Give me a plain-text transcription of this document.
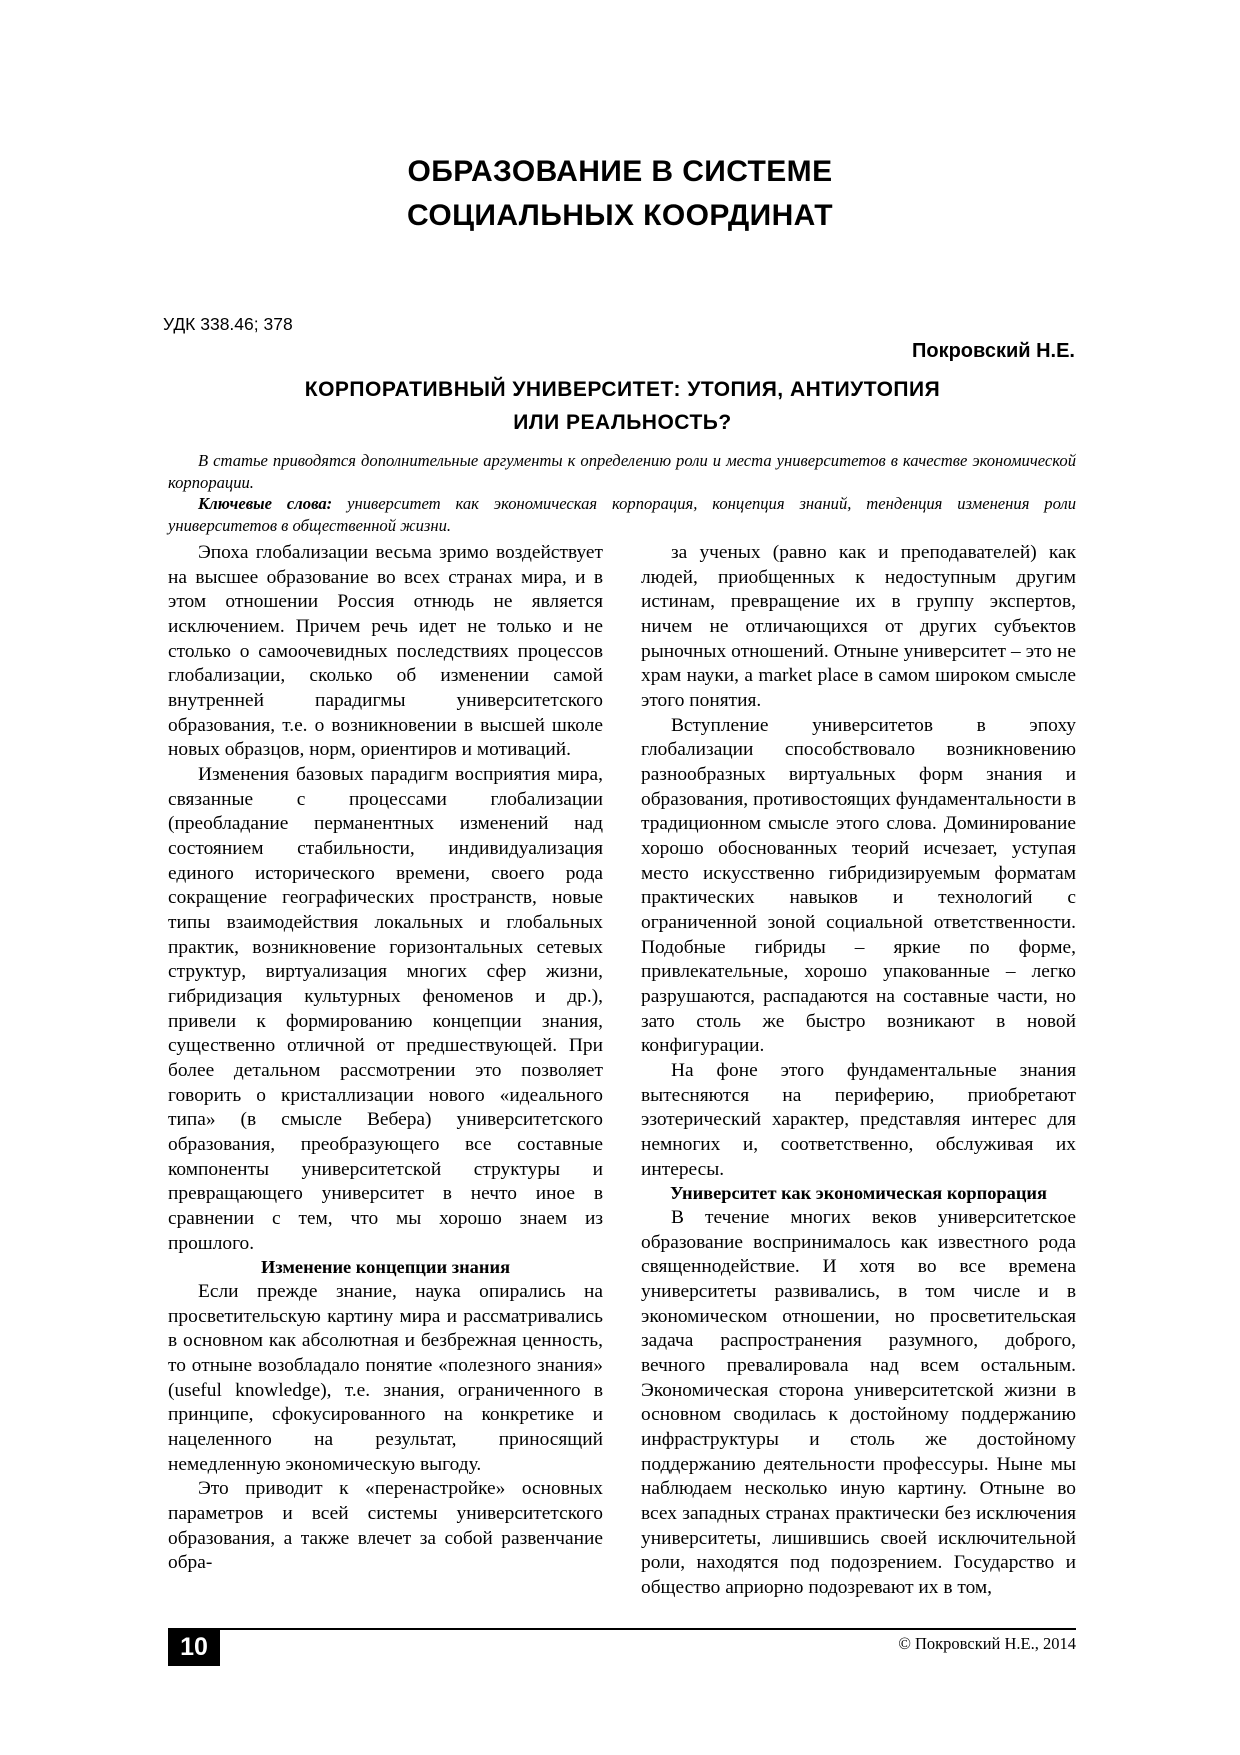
ОБРАЗОВАНИЕ В СИСТЕМЕ
СОЦИАЛЬНЫХ КООРДИНАТ
УДК 338.46; 378
Покровский Н.Е.
КОРПОРАТИВНЫЙ УНИВЕРСИТЕТ: УТОПИЯ, АНТИУТОПИЯ
ИЛИ РЕАЛЬНОСТЬ?

В статье приводятся дополнительные аргументы к определению роли и места университетов в качестве экономической корпорации.

Ключевые слова: университет как экономическая корпорация, концепция знаний, тенденция изменения роли университетов в общественной жизни.

Эпоха глобализации весьма зримо воздействует на высшее образование во всех странах мира, и в этом отношении Россия отнюдь не является исключением. Причем речь идет не только и не столько о самоочевидных последствиях процессов глобализации, сколько об изменении самой внутренней парадигмы университетского образования, т.е. о возникновении в высшей школе новых образцов, норм, ориентиров и мотиваций.

Изменения базовых парадигм восприятия мира, связанные с процессами глобализации (преобладание перманентных изменений над состоянием стабильности, индивидуализация единого исторического времени, своего рода сокращение географических пространств, новые типы взаимодействия локальных и глобальных практик, возникновение горизонтальных сетевых структур, виртуализация многих сфер жизни, гибридизация культурных феноменов и др.), привели к формированию концепции знания, существенно отличной от предшествующей. При более детальном рассмотрении это позволяет говорить о кристаллизации нового «идеального типа» (в смысле Вебера) университетского образования, преобразующего все составные компоненты университетской структуры и превращающего университет в нечто иное в сравнении с тем, что мы хорошо знаем из прошлого.

Изменение концепции знания

Если прежде знание, наука опирались на просветительскую картину мира и рассматривались в основном как абсолютная и безбрежная ценность, то отныне возобладало понятие «полезного знания» (useful knowledge), т.е. знания, ограниченного в принципе, сфокусированного на конкретике и нацеленного на результат, приносящий немедленную экономическую выгоду.

Это приводит к «перенастройке» основных параметров и всей системы университетского образования, а также влечет за собой развенчание обра-

за ученых (равно как и преподавателей) как людей, приобщенных к недоступным другим истинам, превращение их в группу экспертов, ничем не отличающихся от других субъектов рыночных отношений. Отныне университет – это не храм науки, a market place в самом широком смысле этого понятия.

Вступление университетов в эпоху глобализации способствовало возникновению разнообразных виртуальных форм знания и образования, противостоящих фундаментальности в традиционном смысле этого слова. Доминирование хорошо обоснованных теорий исчезает, уступая место искусственно гибридизируемым форматам практических навыков и технологий с ограниченной зоной социальной ответственности. Подобные гибриды – яркие по форме, привлекательные, хорошо упакованные – легко разрушаются, распадаются на составные части, но зато столь же быстро возникают в новой конфигурации.

На фоне этого фундаментальные знания вытесняются на периферию, приобретают эзотерический характер, представляя интерес для немногих и, соответственно, обслуживая их интересы.

Университет как экономическая корпорация

В течение многих веков университетское образование воспринималось как известного рода священнодействие. И хотя во все времена университеты развивались, в том числе и в экономическом отношении, но просветительская задача распространения разумного, доброго, вечного превалировала над всем остальным. Экономическая сторона университетской жизни в основном сводилась к достойному поддержанию инфраструктуры и столь же достойному поддержанию деятельности профессуры. Ныне мы наблюдаем несколько иную картину. Отныне во всех западных странах практически без исключения университеты, лишившись своей исключительной роли, находятся под подозрением. Государство и общество априорно подозревают их в том,

10	© Покровский Н.Е., 2014
